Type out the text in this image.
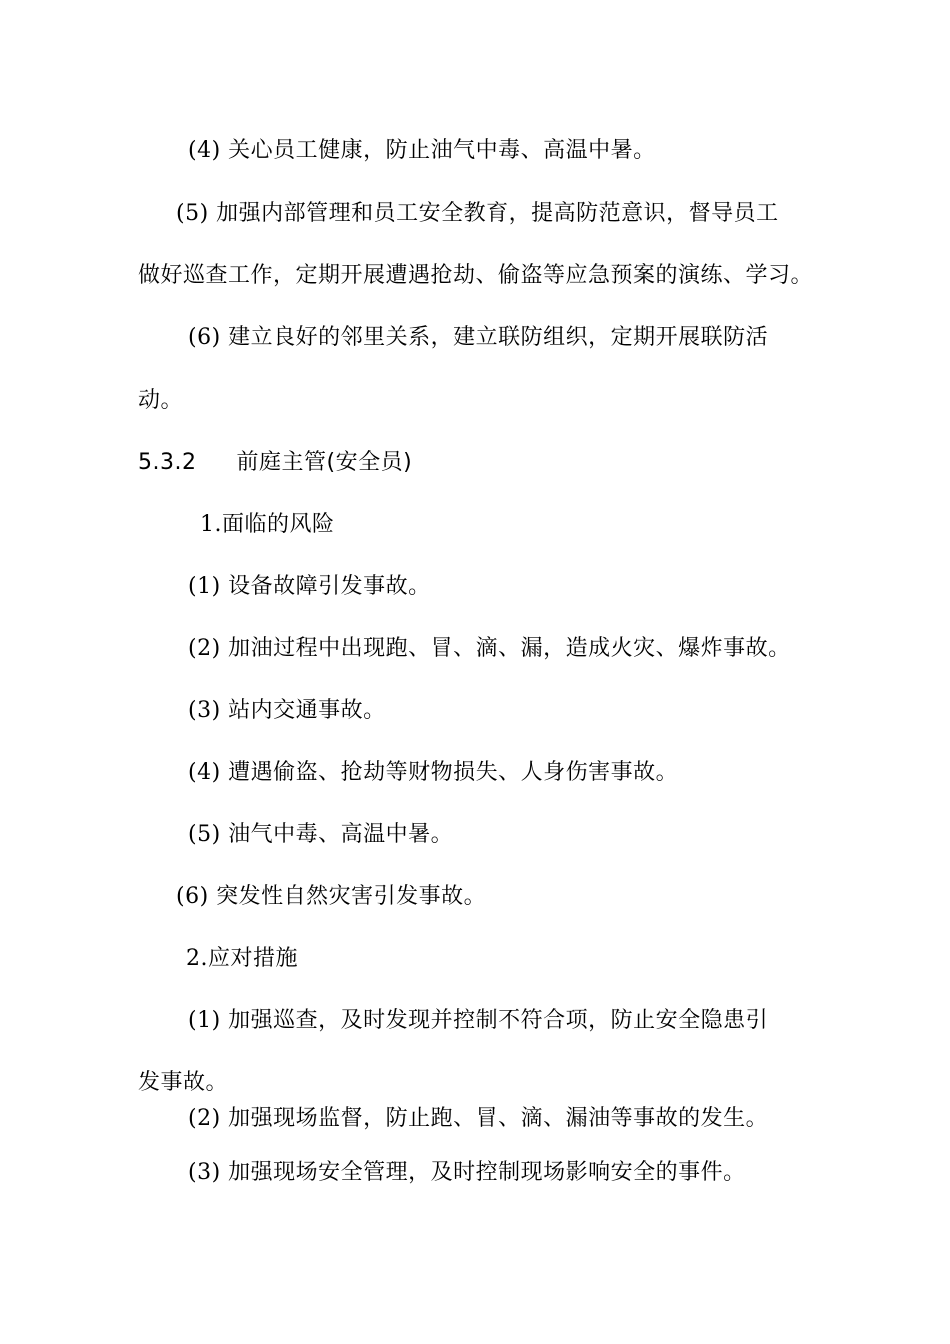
(4) 关心员工健康，防止油气中毒、高温中暑。
(5) 加强内部管理和员工安全教育，提高防范意识，督导员工
做好巡查工作，定期开展遭遇抢劫、偷盗等应急预案的演练、学习。
(6) 建立良好的邻里关系，建立联防组织，定期开展联防活
动。
5.3.2 前庭主管(安全员)
1.面临的风险
(1) 设备故障引发事故。
(2) 加油过程中出现跑、冒、滴、漏，造成火灾、爆炸事故。
(3) 站内交通事故。
(4) 遭遇偷盗、抢劫等财物损失、人身伤害事故。
(5) 油气中毒、高温中暑。
(6) 突发性自然灾害引发事故。
2.应对措施
(1) 加强巡查，及时发现并控制不符合项，防止安全隐患引
发事故。
(2) 加强现场监督，防止跑、冒、滴、漏油等事故的发生。
(3) 加强现场安全管理，及时控制现场影响安全的事件。
